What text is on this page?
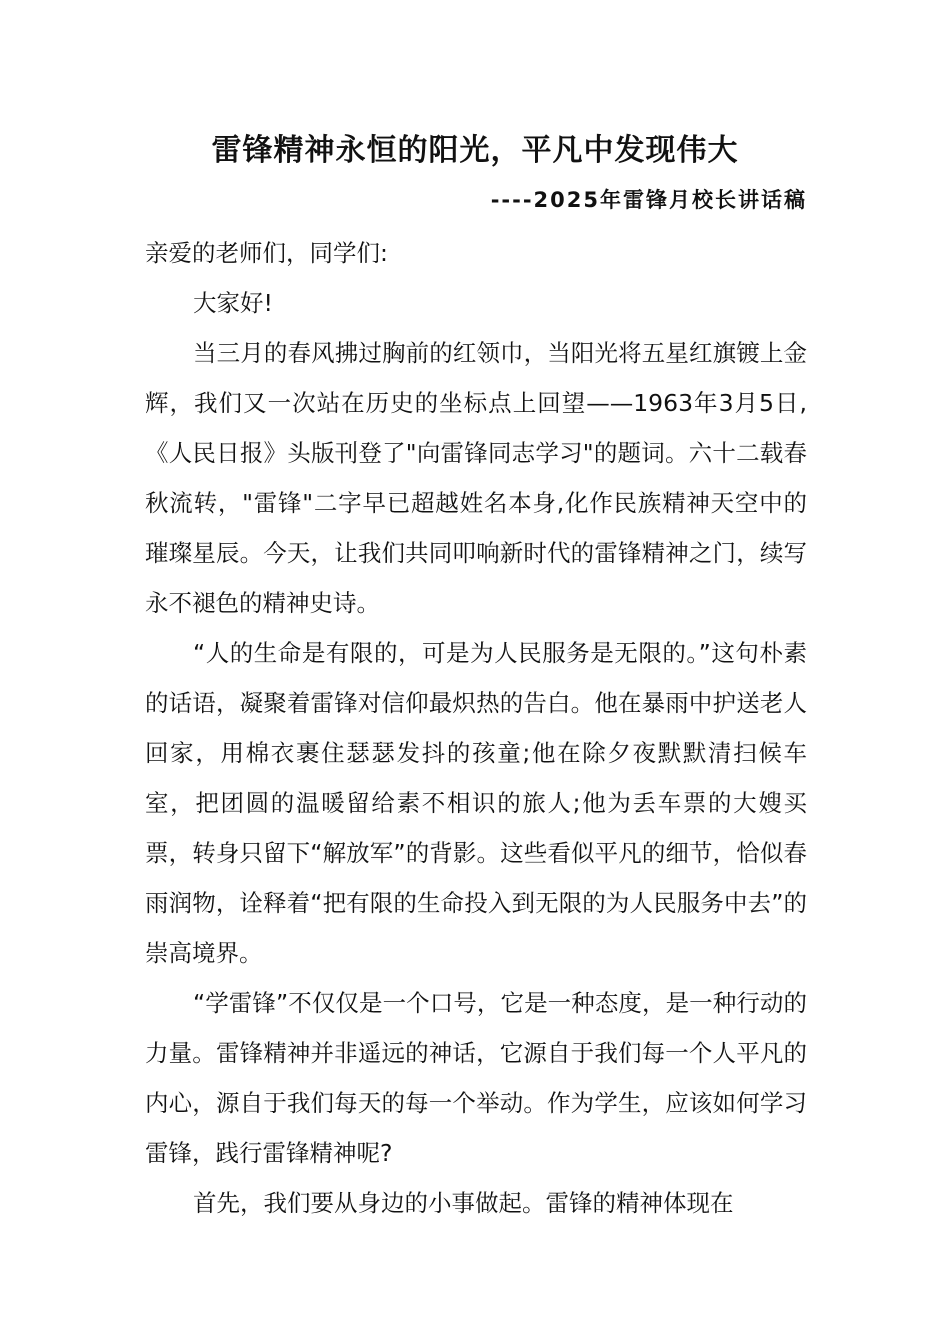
雷锋精神永恒的阳光，平凡中发现伟大
----2025年雷锋月校长讲话稿

亲爱的老师们，同学们:

大家好!

当三月的春风拂过胸前的红领巾，当阳光将五星红旗镀上金辉，我们又一次站在历史的坐标点上回望——1963年3月5日,《人民日报》头版刊登了"向雷锋同志学习"的题词。六十二载春秋流转，"雷锋"二字早已超越姓名本身,化作民族精神天空中的璀璨星辰。今天，让我们共同叩响新时代的雷锋精神之门，续写永不褪色的精神史诗。

“人的生命是有限的，可是为人民服务是无限的。”这句朴素的话语，凝聚着雷锋对信仰最炽热的告白。他在暴雨中护送老人回家，用棉衣裹住瑟瑟发抖的孩童;他在除夕夜默默清扫候车室，把团圆的温暖留给素不相识的旅人;他为丢车票的大嫂买票，转身只留下“解放军”的背影。这些看似平凡的细节，恰似春雨润物，诠释着“把有限的生命投入到无限的为人民服务中去”的崇高境界。

“学雷锋”不仅仅是一个口号，它是一种态度，是一种行动的力量。雷锋精神并非遥远的神话，它源自于我们每一个人平凡的内心，源自于我们每天的每一个举动。作为学生，应该如何学习雷锋，践行雷锋精神呢?

首先，我们要从身边的小事做起。雷锋的精神体现在
